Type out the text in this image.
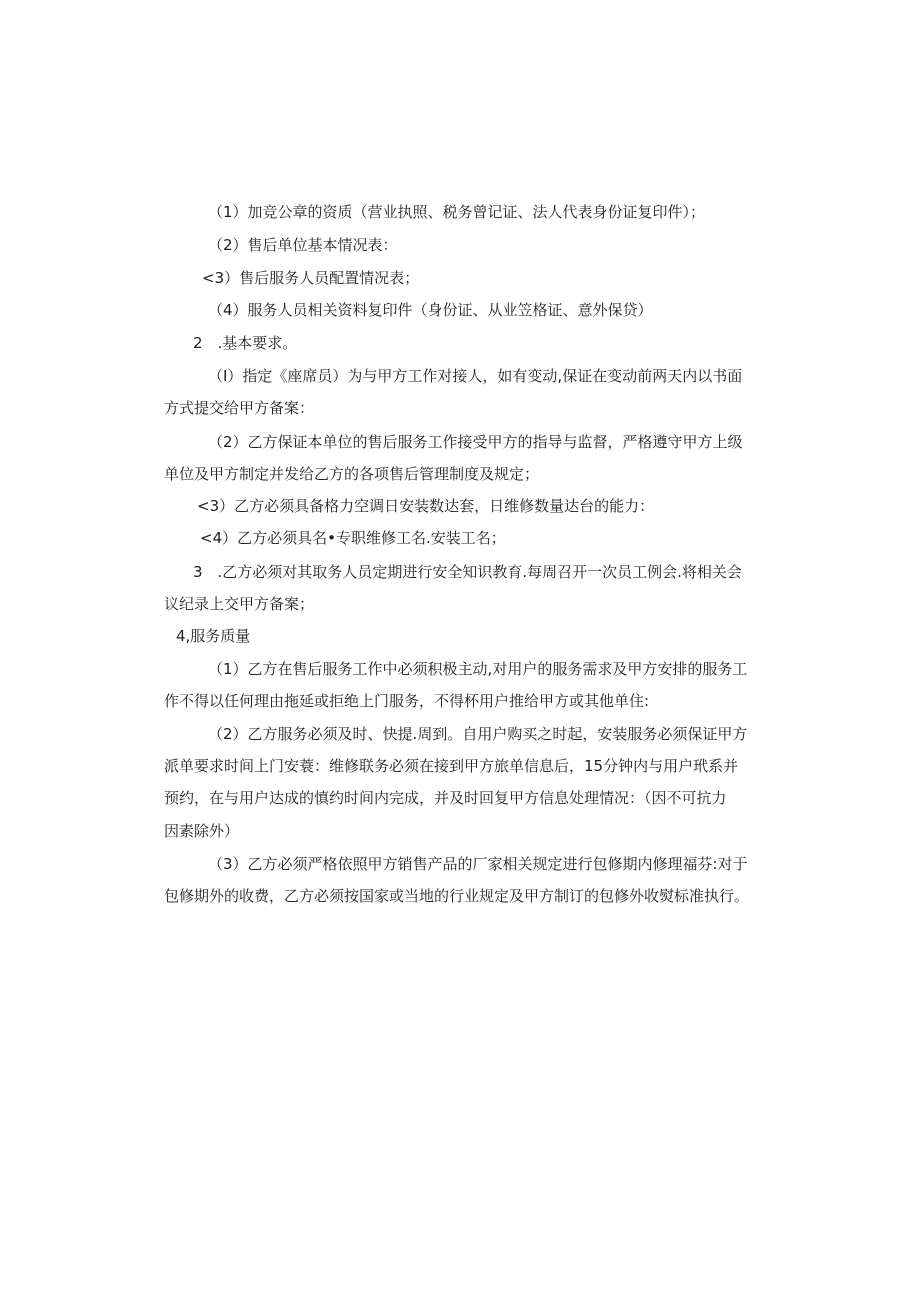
（1）加竞公章的资质（营业执照、税务曾记证、法人代表身份证复印件）；
（2）售后单位基本情况表：
<3）售后服务人员配置情况表；
（4）服务人员相关资料复印件（身份证、从业笠格证、意外保贷）
2　.基本要求。
（I）指定《座席员）为与甲方工作对接人，如有变动,保证在变动前两天内以书面
方式提交给甲方备案：
（2）乙方保证本单位的售后服务工作接受甲方的指导与监督，严格遵守甲方上级
单位及甲方制定并发给乙方的各项售后管理制度及规定；
<3）乙方必须具备格力空调日安装数达套，日维修数量达台的能力：
<4）乙方必须具名•专职维修工名.安装工名；
3　.乙方必须对其取务人员定期进行安全知识教育.每周召开一次员工例会.将相关会
议纪录上交甲方备案；
4,服务质量
（1）乙方在售后服务工作中必须积极主动,对用户的服务需求及甲方安排的服务工
作不得以任何理由拖延或拒绝上门服务，不得杯用户推给甲方或其他单住:
（2）乙方服务必须及时、快提.周到。自用户购买之时起，安装服务必须保证甲方
派单要求时间上门安蓑：维修联务必须在接到甲方旅单信息后，15分钟内与用户玳系并
预约，在与用户达成的慎约时间内完成，并及时回复甲方信息处理情况：（因不可抗力
因素除外）
（3）乙方必须严格依照甲方销售产品的厂家相关规定进行包修期内修理福芬:对于
包修期外的收费，乙方必须按国家或当地的行业规定及甲方制订的包修外收熨标准执行。
